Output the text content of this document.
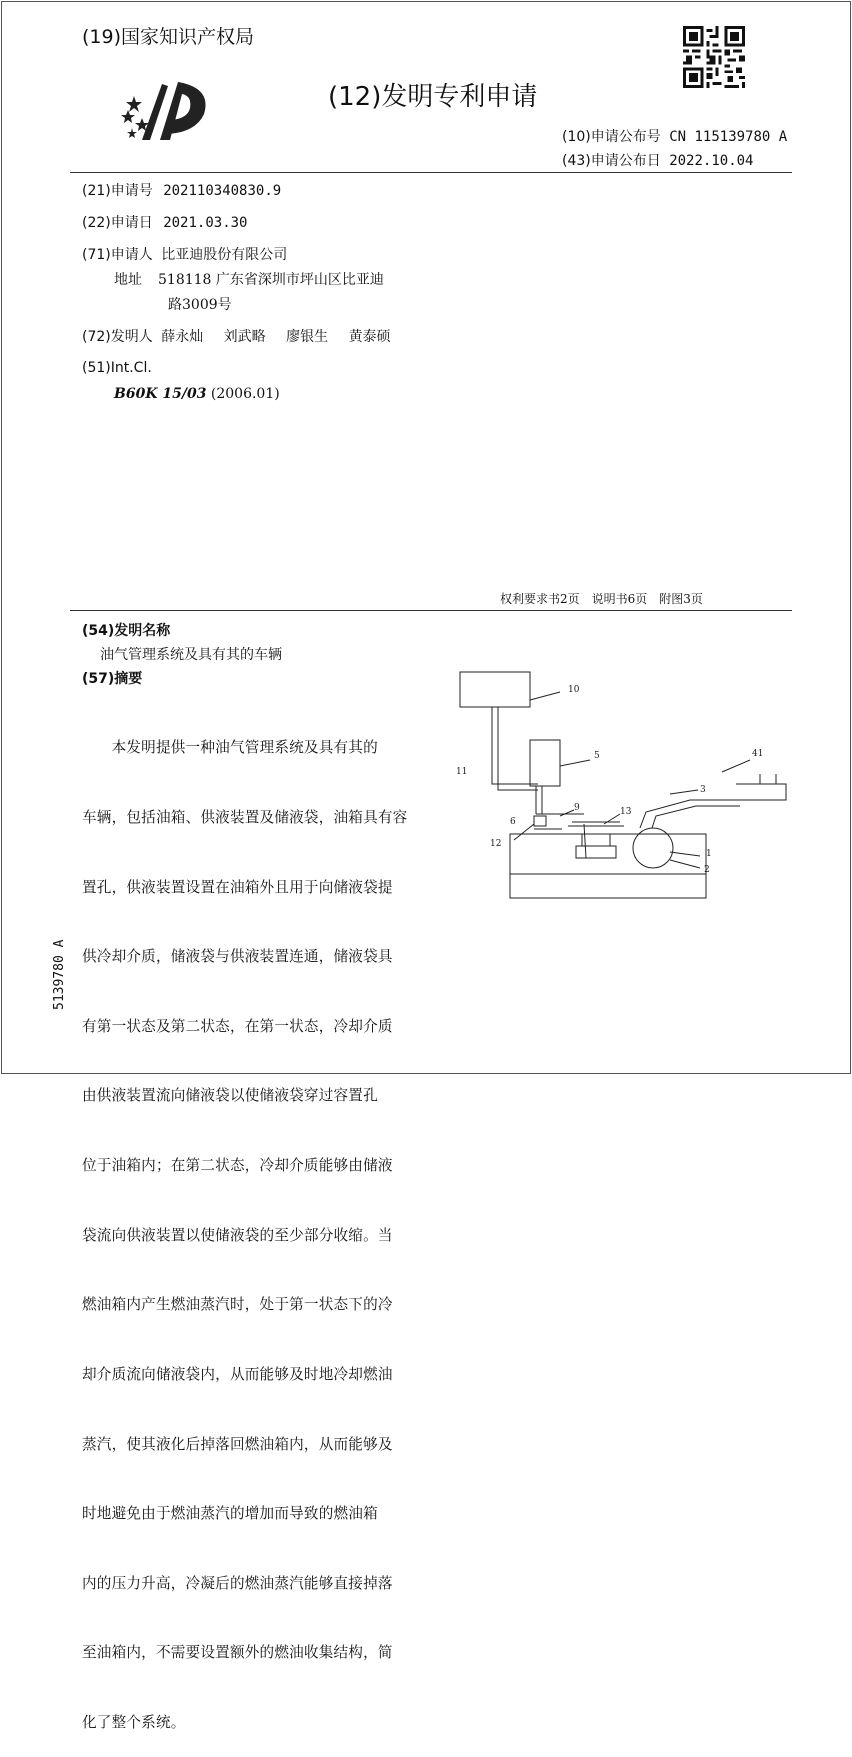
(19)国家知识产权局
(12)发明专利申请
(10)申请公布号 CN 115139780 A
(43)申请公布日 2022.10.04
(21)申请号 202110340830.9
(22)申请日 2021.03.30
(71)申请人 比亚迪股份有限公司
地址 518118 广东省深圳市坪山区比亚迪
路3009号
(72)发明人 薛永灿 刘武略 廖银生 黄泰硕
(51)Int.Cl.
B60K 15/03 (2006.01)
权利要求书2页　说明书6页　附图3页
(54)发明名称
油气管理系统及具有其的车辆
(57)摘要

　　本发明提供一种油气管理系统及具有其的

车辆，包括油箱、供液装置及储液袋，油箱具有容

置孔，供液装置设置在油箱外且用于向储液袋提

供冷却介质，储液袋与供液装置连通，储液袋具

有第一状态及第二状态，在第一状态，冷却介质

由供液装置流向储液袋以使储液袋穿过容置孔

位于油箱内；在第二状态，冷却介质能够由储液

袋流向供液装置以使储液袋的至少部分收缩。当

燃油箱内产生燃油蒸汽时，处于第一状态下的冷

却介质流向储液袋内，从而能够及时地冷却燃油

蒸汽，使其液化后掉落回燃油箱内，从而能够及

时地避免由于燃油蒸汽的增加而导致的燃油箱

内的压力升高，冷凝后的燃油蒸汽能够直接掉落

至油箱内，不需要设置额外的燃油收集结构，简

化了整个系统。

10
5	41
11
3
13
6
9
12
1
2
5139780 A
